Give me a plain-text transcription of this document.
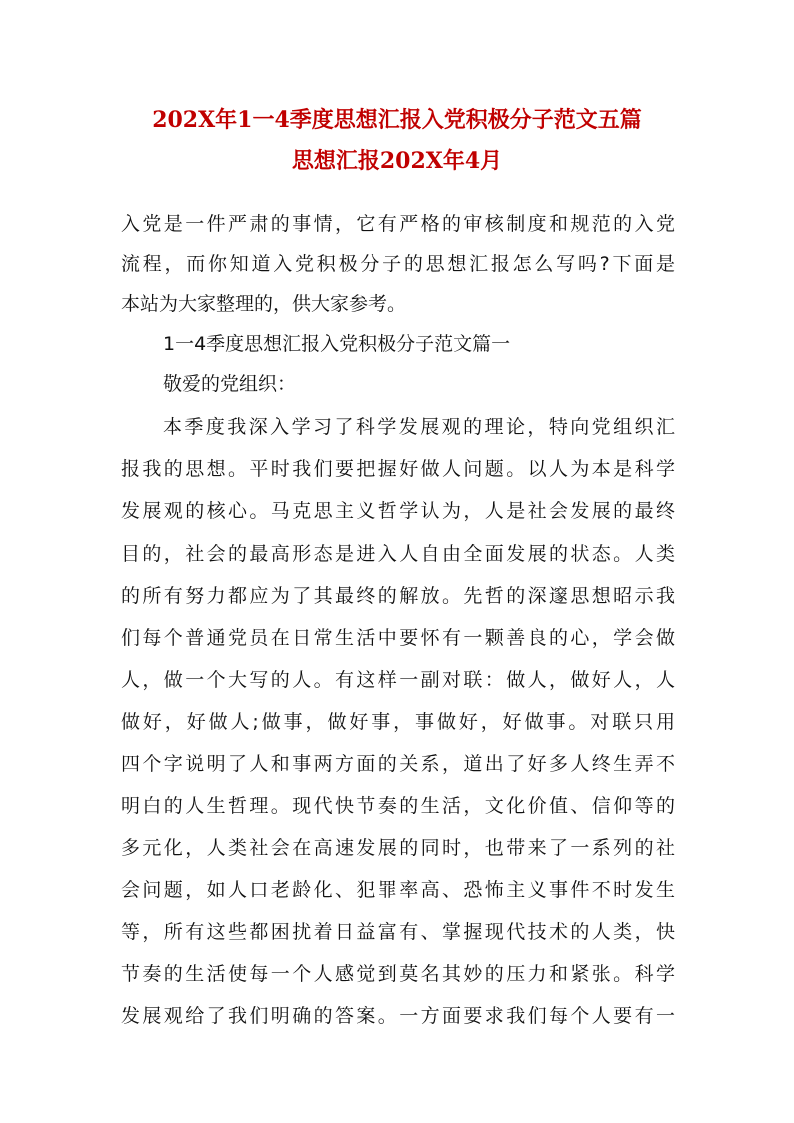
202X年1一4季度思想汇报入党积极分子范文五篇
思想汇报202X年4月
入党是一件严肃的事情，它有严格的审核制度和规范的入党
流程，而你知道入党积极分子的思想汇报怎么写吗?下面是
本站为大家整理的，供大家参考。
1一4季度思想汇报入党积极分子范文篇一
敬爱的党组织：
本季度我深入学习了科学发展观的理论，特向党组织汇
报我的思想。平时我们要把握好做人问题。以人为本是科学
发展观的核心。马克思主义哲学认为，人是社会发展的最终
目的，社会的最高形态是进入人自由全面发展的状态。人类
的所有努力都应为了其最终的解放。先哲的深邃思想昭示我
们每个普通党员在日常生活中要怀有一颗善良的心，学会做
人，做一个大写的人。有这样一副对联：做人，做好人，人
做好，好做人;做事，做好事，事做好，好做事。对联只用
四个字说明了人和事两方面的关系，道出了好多人终生弄不
明白的人生哲理。现代快节奏的生活，文化价值、信仰等的
多元化，人类社会在高速发展的同时，也带来了一系列的社
会问题，如人口老龄化、犯罪率高、恐怖主义事件不时发生
等，所有这些都困扰着日益富有、掌握现代技术的人类，快
节奏的生活使每一个人感觉到莫名其妙的压力和紧张。科学
发展观给了我们明确的答案。一方面要求我们每个人要有一
